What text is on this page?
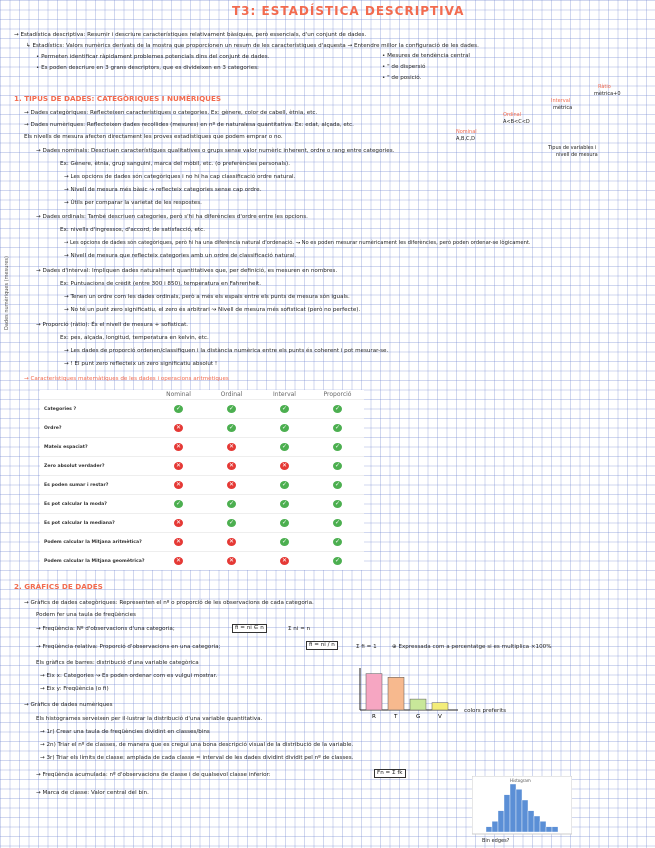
T3: ESTADÍSTICA DESCRIPTIVA
→ Estadística descriptiva: Resumir i descriure característiques relativament bàsiques, però essencials, d'un conjunt de dades.
↳ Estadístics: Valors numèrics derivats de la mostra que proporcionen un resum de les característiques d'aquesta → Entendre millor la configuració de les dades.
• Permeten identificar ràpidament problemes potencials dins del conjunt de dades.
• Es poden descriure en 3 grans descriptors, que es divideixen en 3 categories:
• Mesures de tendència central
• " de dispersió
• " de posició.
Ràtio
mètrica+0
Interval
mètrica
Ordinal
A<B<C<D
Nominal
A,B,C,D
Tipus de variables i
nivell de mesura
1. TIPUS DE DADES: CATEGÒRIQUES I NUMÈRIQUES
→ Dades categòriques: Reflecteixen característiques o categories. Ex: gènere, color de cabell, ètnia, etc.
→ Dades numèriques: Reflecteixen dades recollides (mesures) en nº de naturalesa quantitativa. Ex: edat, alçada, etc.
Els nivells de mesura afecten directament les proves estadístiques que podem emprar o no.
→ Dades nominals: Descriuen característiques qualitatives o grups sense valor numèric inherent, ordre o rang entre categories.
Ex: Gènere, ètnia, grup sanguini, marca del mòbil, etc. (o preferències personals).
→ Les opcions de dades són categòriques i no hi ha cap classificació ordre natural.
→ Nivell de mesura més bàsic ↝ reflecteix categories sense cap ordre.
→ Útils per comparar la varietat de les respostes.
→ Dades ordinals: També descriuen categories, però s'hi ha diferències d'ordre entre les opcions.
Ex: nivells d'ingressos, d'accord, de satisfacció, etc.
→ Les opcions de dades són categòriques, però hi ha una diferència natural d'ordenació. ↝ No es poden mesurar numèricament les diferències, però poden ordenar-se lògicament.
→ Nivell de mesura que reflecteix categories amb un ordre de classificació natural.
→ Dades d'interval: Impliquen dades naturalment quantitatives que, per definició, es mesuren en nombres.
Ex: Puntuacions de crèdit (entre 300 i 850), temperatura en Fahrenheit.
→ Tenen un ordre com les dades ordinals, però a més els espais entre els punts de mesura són iguals.
→ No té un punt zero significatiu, el zero és arbitrari ↝ Nivell de mesura més sofisticat (però no perfecte).
→ Proporció (ràtio): És el nivell de mesura + sofisticat.
Ex: pes, alçada, longitud, temperatura en kelvin, etc.
→ Les dades de proporció ordenen/classifiquen i la distància numèrica entre els punts és coherent i pot mesurar-se.
→ ! El punt zero reflecteix un zero significatiu absolut !
→ Característiques matemàtiques de les dades i operacions aritmètiques
Dades numèriques (mesures)
	Nominal	Ordinal	Interval	Proporció
Categories ?	✓	✓	✓	✓
Ordre?	✕	✓	✓	✓
Mateix espaciat?	✕	✕	✓	✓
Zero absolut verdader?	✕	✕	✕	✓
Es poden sumar i restar?	✕	✕	✓	✓
Es pot calcular la moda?	✓	✓	✓	✓
Es pot calcular la mediana?	✕	✓	✓	✓
Podem calcular la Mitjana aritmètica?	✕	✕	✓	✓
Podem calcular la Mitjana geomètrica?	✕	✕	✕	✓
2. GRÀFICS DE DADES
→ Gràfics de dades categòriques: Representen el nº o proporció de les observacions de cada categoria.
Podem fer una taula de freqüències
→ Freqüència: Nº d'observacions d'una categoria;	fi = ni ∈ n	Σ ni = n
→ Freqüència relativa: Proporció d'observacions en una categoria;	fi = ni / n	Σ fi = 1	⊕ Expressada com a percentatge si es multiplica ×100%
Els gràfics de barres: distribució d'una variable categòrica
→ Eix x: Categories ↝ Es poden ordenar com es vulgui mostrar.
→ Eix y: Freqüència (o fi)
→ Gràfics de dades numèriques
Els histogrames serveixen per il·lustrar la distribució d'una variable quantitativa.
→ 1r) Crear una taula de freqüències dividint en classes/bins
→ 2n) Triar el nº de classes, de manera que es cregui una bona descripció visual de la distribució de la variable.
→ 3r) Triar els límits de classe: amplada de cada classe ≈ interval de les dades dividint dividit pel nº de classes.
→ Freqüència acumulada: nº d'observacions de classe i de qualsevol classe inferior:	Fn = Σ fk
→ Marca de classe: Valor central del bin.
R	T	G	V
colors preferits
Histogram
Bin edges?
